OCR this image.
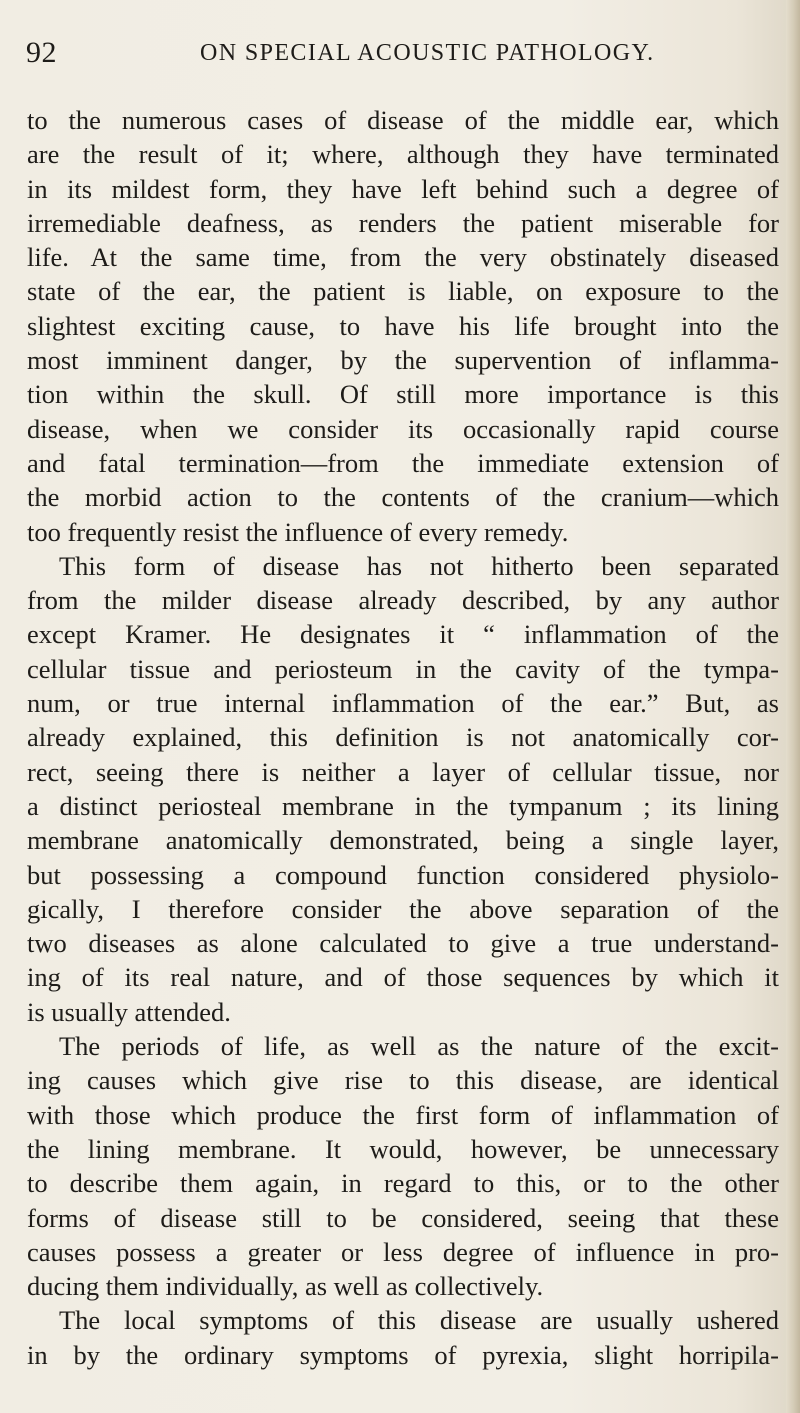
92	ON SPECIAL ACOUSTIC PATHOLOGY.
to the numerous cases of disease of the middle ear, which
are the result of it; where, although they have terminated
in its mildest form, they have left behind such a degree of
irremediable deafness, as renders the patient miserable for
life. At the same time, from the very obstinately diseased
state of the ear, the patient is liable, on exposure to the
slightest exciting cause, to have his life brought into the
most imminent danger, by the supervention of inflamma-
tion within the skull. Of still more importance is this
disease, when we consider its occasionally rapid course
and fatal termination—from the immediate extension of
the morbid action to the contents of the cranium—which
too frequently resist the influence of every remedy.
This form of disease has not hitherto been separated
from the milder disease already described, by any author
except Kramer. He designates it “ inflammation of the
cellular tissue and periosteum in the cavity of the tympa-
num, or true internal inflammation of the ear.” But, as
already explained, this definition is not anatomically cor-
rect, seeing there is neither a layer of cellular tissue, nor
a distinct periosteal membrane in the tympanum ; its lining
membrane anatomically demonstrated, being a single layer,
but possessing a compound function considered physiolo-
gically, I therefore consider the above separation of the
two diseases as alone calculated to give a true understand-
ing of its real nature, and of those sequences by which it
is usually attended.
The periods of life, as well as the nature of the excit-
ing causes which give rise to this disease, are identical
with those which produce the first form of inflammation of
the lining membrane. It would, however, be unnecessary
to describe them again, in regard to this, or to the other
forms of disease still to be considered, seeing that these
causes possess a greater or less degree of influence in pro-
ducing them individually, as well as collectively.
The local symptoms of this disease are usually ushered
in by the ordinary symptoms of pyrexia, slight horripila-
